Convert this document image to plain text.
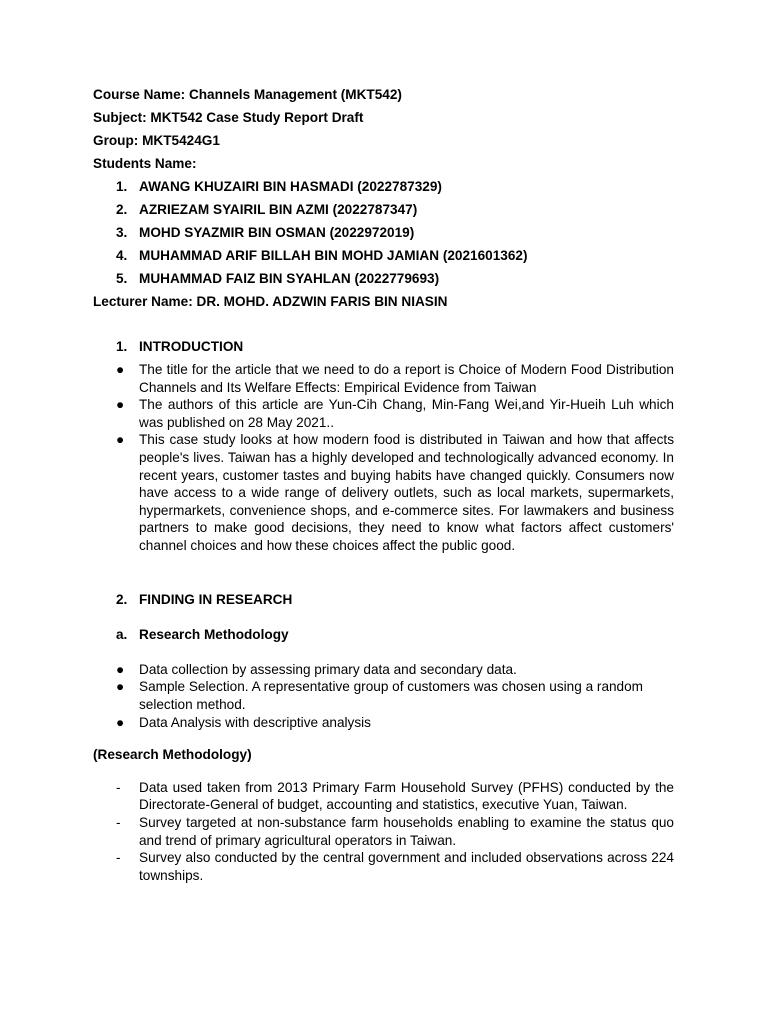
Course Name: Channels Management (MKT542)
Subject: MKT542 Case Study Report Draft
Group: MKT5424G1
Students Name:
1. AWANG KHUZAIRI BIN HASMADI (2022787329)
2. AZRIEZAM SYAIRIL BIN AZMI (2022787347)
3. MOHD SYAZMIR BIN OSMAN (2022972019)
4. MUHAMMAD ARIF BILLAH BIN MOHD JAMIAN (2021601362)
5. MUHAMMAD FAIZ BIN SYAHLAN (2022779693)
Lecturer Name: DR. MOHD. ADZWIN FARIS BIN NIASIN
1. INTRODUCTION
● The title for the article that we need to do a report is Choice of Modern Food Distribution Channels and Its Welfare Effects: Empirical Evidence from Taiwan
● The authors of this article are Yun-Cih Chang, Min-Fang Wei,and Yir-Hueih Luh which was published on 28 May 2021..
● This case study looks at how modern food is distributed in Taiwan and how that affects people's lives. Taiwan has a highly developed and technologically advanced economy. In recent years, customer tastes and buying habits have changed quickly. Consumers now have access to a wide range of delivery outlets, such as local markets, supermarkets, hypermarkets, convenience shops, and e-commerce sites. For lawmakers and business partners to make good decisions, they need to know what factors affect customers' channel choices and how these choices affect the public good.
2. FINDING IN RESEARCH
a. Research Methodology
● Data collection by assessing primary data and secondary data.
● Sample Selection. A representative group of customers was chosen using a random selection method.
● Data Analysis with descriptive analysis
(Research Methodology)
- Data used taken from 2013 Primary Farm Household Survey (PFHS) conducted by the Directorate-General of budget, accounting and statistics, executive Yuan, Taiwan.
- Survey targeted at non-substance farm households enabling to examine the status quo and trend of primary agricultural operators in Taiwan.
- Survey also conducted by the central government and included observations across 224 townships.
